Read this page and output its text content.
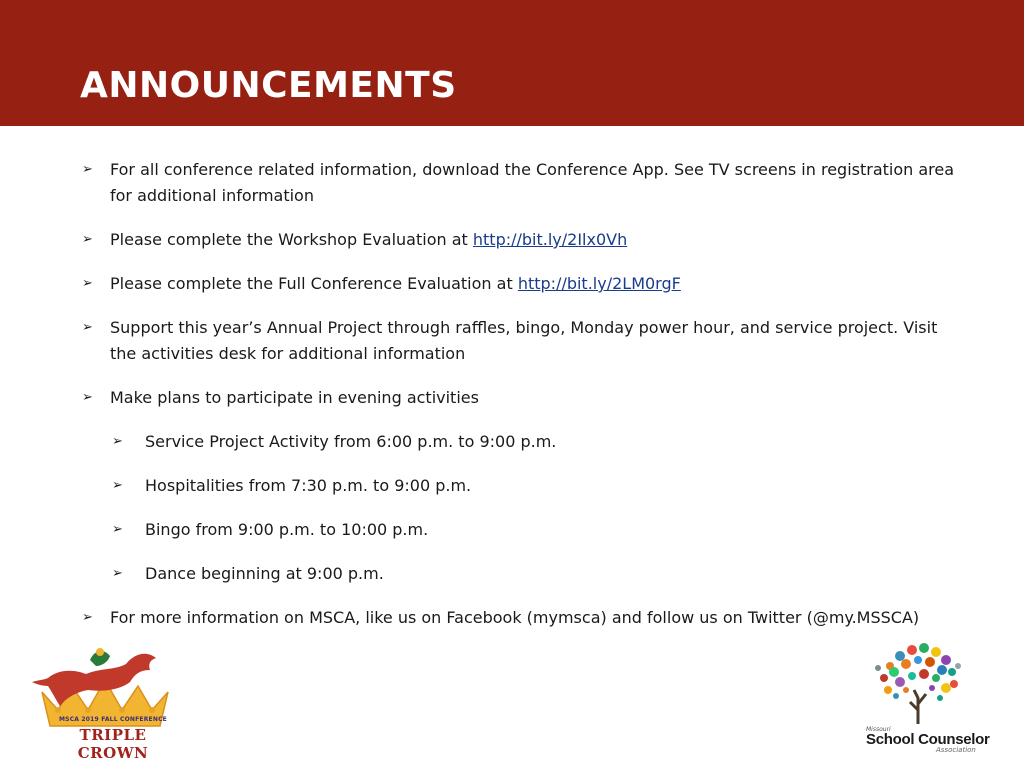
ANNOUNCEMENTS
➢	For all conference related information, download the Conference App. See TV screens in registration area for additional information
➢	Please complete the Workshop Evaluation at http://bit.ly/2Ilx0Vh
➢	Please complete the Full Conference Evaluation at http://bit.ly/2LM0rgF
➢	Support this year’s Annual Project through raffles, bingo, Monday power hour, and service project. Visit the activities desk for additional information
➢	Make plans to participate in evening activities
➢	Service Project Activity from 6:00 p.m. to 9:00 p.m.
➢	Hospitalities from 7:30 p.m. to 9:00 p.m.
➢	Bingo from 9:00 p.m. to 10:00 p.m.
➢	Dance beginning at 9:00 p.m.
➢	For more information on MSCA, like us on Facebook (mymsca) and follow us on Twitter (@my.MSSCA)
MSCA 2019 FALL CONFERENCE
TRIPLE CROWN
Missouri
School Counselor
Association
